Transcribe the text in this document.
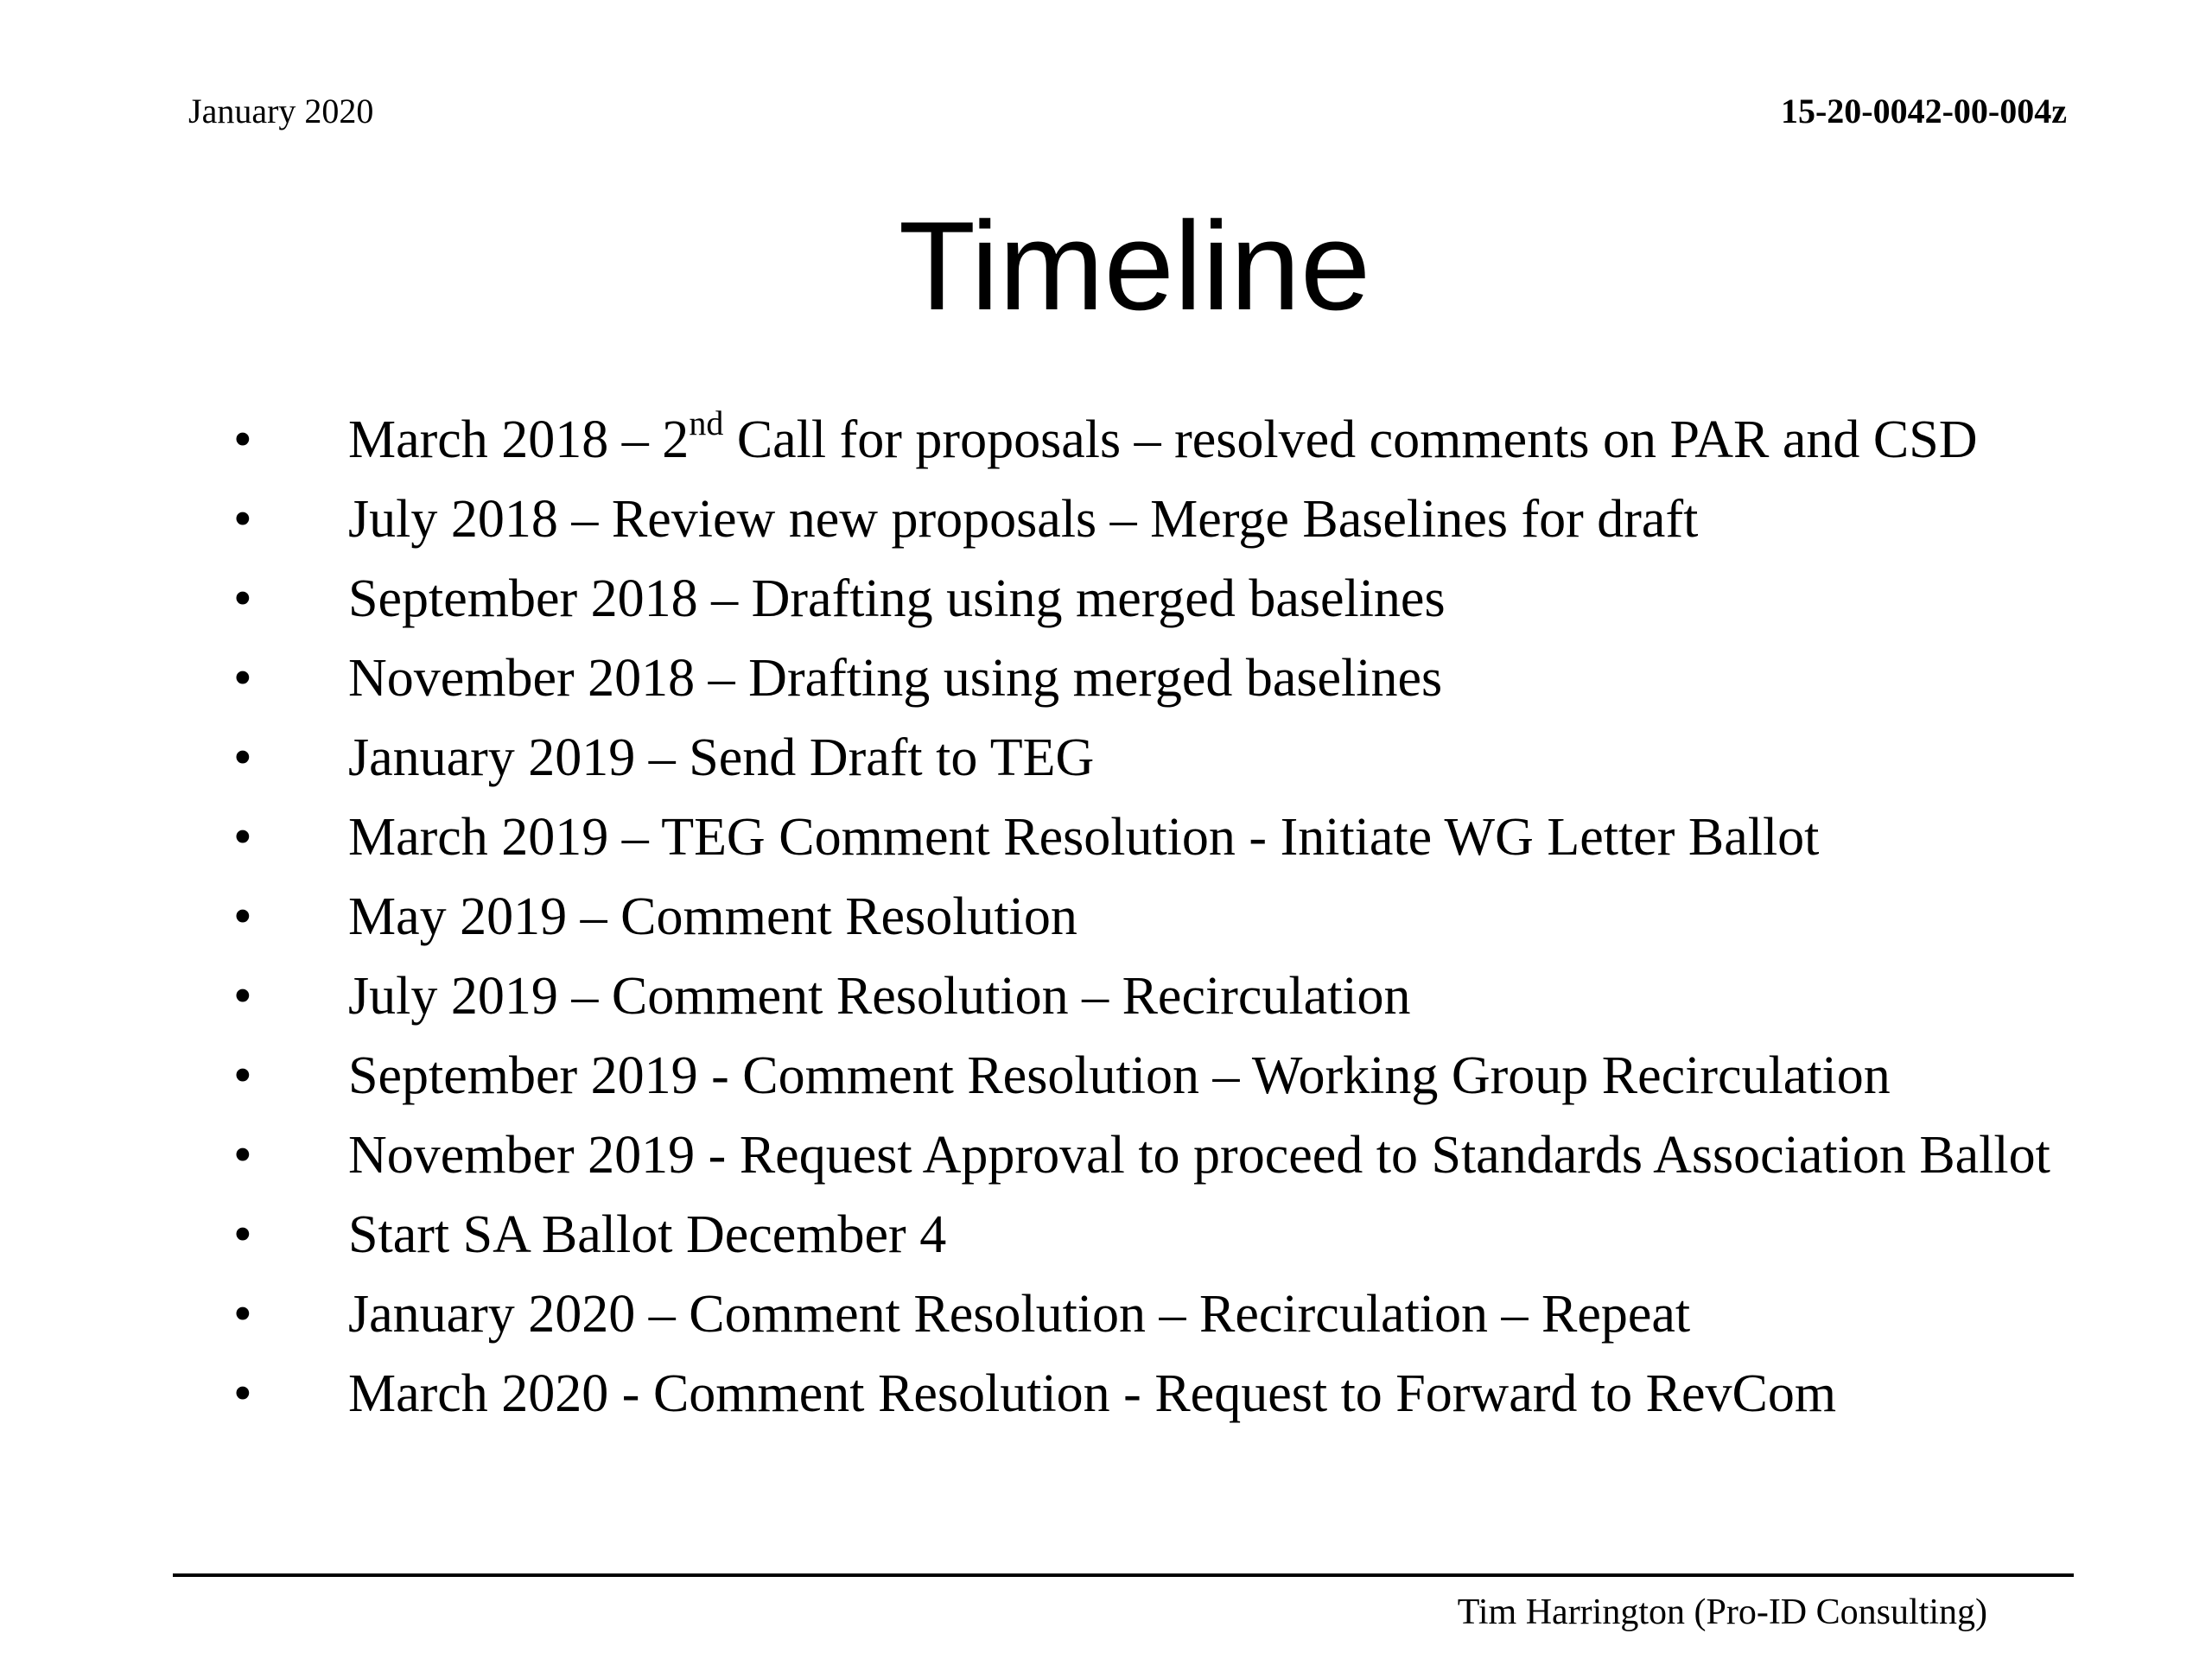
January 2020	15-20-0042-00-004z
Timeline
• March 2018 – 2nd Call for proposals – resolved comments on PAR and CSD
• July 2018 – Review new proposals – Merge Baselines for draft
• September 2018 – Drafting using merged baselines
• November 2018 – Drafting using merged baselines
• January 2019 – Send Draft to TEG
• March 2019 – TEG Comment Resolution - Initiate WG Letter Ballot
• May 2019 – Comment Resolution
• July 2019 – Comment Resolution – Recirculation
• September 2019 - Comment Resolution – Working Group Recirculation
• November 2019 - Request Approval to proceed to Standards Association Ballot
• Start SA Ballot December 4
• January 2020 – Comment Resolution – Recirculation – Repeat
• March 2020 - Comment Resolution - Request to Forward to RevCom
Tim Harrington (Pro-ID Consulting)
